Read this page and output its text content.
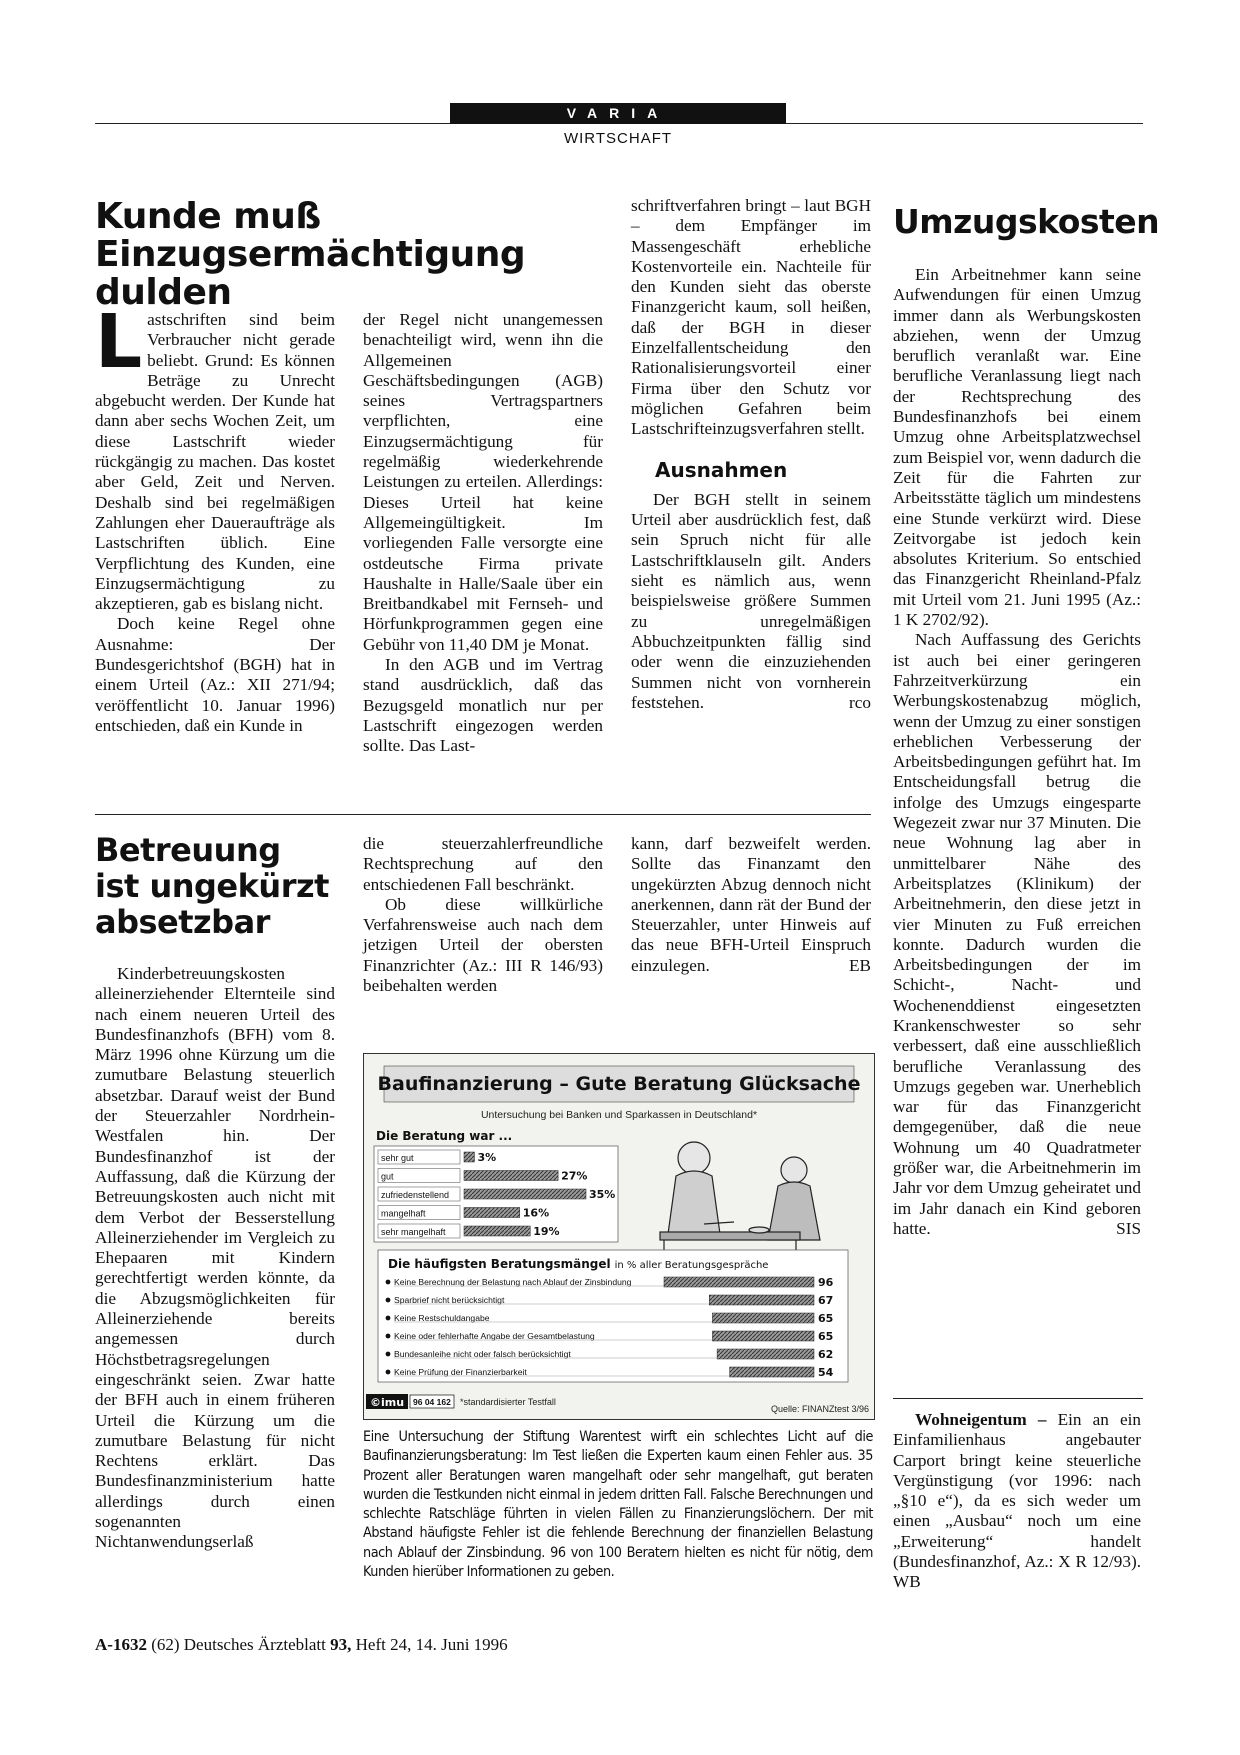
VARIA
WIRTSCHAFT
Kunde muß
Einzugsermächtigung dulden

Lastschriften sind beim Verbraucher nicht gerade beliebt. Grund: Es können Beträge zu Unrecht abgebucht werden. Der Kunde hat dann aber sechs Wochen Zeit, um diese Lastschrift wieder rückgängig zu machen. Das kostet aber Geld, Zeit und Nerven. Deshalb sind bei regelmäßigen Zahlungen eher Daueraufträge als Lastschriften üblich. Eine Verpflichtung des Kunden, eine Einzugsermächtigung zu akzeptieren, gab es bislang nicht.

Doch keine Regel ohne Ausnahme: Der Bundesgerichtshof (BGH) hat in einem Urteil (Az.: XII 271/94; veröffentlicht 10. Januar 1996) entschieden, daß ein Kunde in

der Regel nicht unangemessen benachteiligt wird, wenn ihn die Allgemeinen Geschäftsbedingungen (AGB) seines Vertragspartners verpflichten, eine Einzugsermächtigung für regelmäßig wiederkehrende Leistungen zu erteilen. Allerdings: Dieses Urteil hat keine Allgemeingültigkeit. Im vorliegenden Falle versorgte eine ostdeutsche Firma private Haushalte in Halle/Saale über ein Breitbandkabel mit Fernseh- und Hörfunkprogrammen gegen eine Gebühr von 11,40 DM je Monat.

In den AGB und im Vertrag stand ausdrücklich, daß das Bezugsgeld monatlich nur per Lastschrift eingezogen werden sollte. Das Last-

schriftverfahren bringt – laut BGH – dem Empfänger im Massengeschäft erhebliche Kostenvorteile ein. Nachteile für den Kunden sieht das oberste Finanzgericht kaum, soll heißen, daß der BGH in dieser Einzelfallentscheidung den Rationalisierungsvorteil einer Firma über den Schutz vor möglichen Gefahren beim Lastschrifteinzugsverfahren stellt.

Ausnahmen

Der BGH stellt in seinem Urteil aber ausdrücklich fest, daß sein Spruch nicht für alle Lastschriftklauseln gilt. Anders sieht es nämlich aus, wenn beispielsweise größere Summen zu unregelmäßigen Abbuchzeitpunkten fällig sind oder wenn die einzuziehenden Summen nicht von vornherein feststehen.	rco

Betreuung
ist ungekürzt
absetzbar

Kinderbetreuungskosten alleinerziehender Elternteile sind nach einem neueren Urteil des Bundesfinanzhofs (BFH) vom 8. März 1996 ohne Kürzung um die zumutbare Belastung steuerlich absetzbar. Darauf weist der Bund der Steuerzahler Nordrhein-Westfalen hin. Der Bundesfinanzhof ist der Auffassung, daß die Kürzung der Betreuungskosten auch nicht mit dem Verbot der Besserstellung Alleinerziehender im Vergleich zu Ehepaaren mit Kindern gerechtfertigt werden könnte, da die Abzugsmöglichkeiten für Alleinerziehende bereits angemessen durch Höchstbetragsregelungen eingeschränkt seien. Zwar hatte der BFH auch in einem früheren Urteil die Kürzung um die zumutbare Belastung für nicht Rechtens erklärt. Das Bundesfinanzministerium hatte allerdings durch einen sogenannten Nichtanwendungserlaß

die steuerzahlerfreundliche Rechtsprechung auf den entschiedenen Fall beschränkt.

Ob diese willkürliche Verfahrensweise auch nach dem jetzigen Urteil der obersten Finanzrichter (Az.: III R 146/93) beibehalten werden

kann, darf bezweifelt werden. Sollte das Finanzamt den ungekürzten Abzug dennoch nicht anerkennen, dann rät der Bund der Steuerzahler, unter Hinweis auf das neue BFH-Urteil Einspruch einzulegen.	EB

Baufinanzierung – Gute Beratung Glücksache
Untersuchung bei Banken und Sparkassen in Deutschland*
Die Beratung war ...
sehr gut	3%
gut	27%
zufriedenstellend	35%
mangelhaft	16%
sehr mangelhaft	19%
Die häufigsten Beratungsmängel in % aller Beratungsgespräche
Keine Berechnung der Belastung nach Ablauf der Zinsbindung	96
Sparbrief nicht berücksichtigt	67
Keine Restschuldangabe	65
Keine oder fehlerhafte Angabe der Gesamtbelastung	65
Bundesanleihe nicht oder falsch berücksichtigt	62
Keine Prüfung der Finanzierbarkeit	54
©imu 96 04 162 *standardisierter Testfall
Quelle: FINANZtest 3/96
Eine Untersuchung der Stiftung Warentest wirft ein schlechtes Licht auf die Baufinanzierungsberatung: Im Test ließen die Experten kaum einen Fehler aus. 35 Prozent aller Beratungen waren mangelhaft oder sehr mangelhaft, gut beraten wurden die Testkunden nicht einmal in jedem dritten Fall. Falsche Berechnungen und schlechte Ratschläge führten in vielen Fällen zu Finanzierungslöchern. Der mit Abstand häufigste Fehler ist die fehlende Berechnung der finanziellen Belastung nach Ablauf der Zinsbindung. 96 von 100 Beratern hielten es nicht für nötig, dem Kunden hierüber Informationen zu geben.
Umzugskosten

Ein Arbeitnehmer kann seine Aufwendungen für einen Umzug immer dann als Werbungskosten abziehen, wenn der Umzug beruflich veranlaßt war. Eine berufliche Veranlassung liegt nach der Rechtsprechung des Bundesfinanzhofs bei einem Umzug ohne Arbeitsplatzwechsel zum Beispiel vor, wenn dadurch die Zeit für die Fahrten zur Arbeitsstätte täglich um mindestens eine Stunde verkürzt wird. Diese Zeitvorgabe ist jedoch kein absolutes Kriterium. So entschied das Finanzgericht Rheinland-Pfalz mit Urteil vom 21. Juni 1995 (Az.: 1 K 2702/92).

Nach Auffassung des Gerichts ist auch bei einer geringeren Fahrzeitverkürzung ein Werbungskostenabzug möglich, wenn der Umzug zu einer sonstigen erheblichen Verbesserung der Arbeitsbedingungen geführt hat. Im Entscheidungsfall betrug die infolge des Umzugs eingesparte Wegezeit zwar nur 37 Minuten. Die neue Wohnung lag aber in unmittelbarer Nähe des Arbeitsplatzes (Klinikum) der Arbeitnehmerin, den diese jetzt in vier Minuten zu Fuß erreichen konnte. Dadurch wurden die Arbeitsbedingungen der im Schicht-, Nacht- und Wochenenddienst eingesetzten Krankenschwester so sehr verbessert, daß eine ausschließlich berufliche Veranlassung des Umzugs gegeben war. Unerheblich war für das Finanzgericht demgegenüber, daß die neue Wohnung um 40 Quadratmeter größer war, die Arbeitnehmerin im Jahr vor dem Umzug geheiratet und im Jahr danach ein Kind geboren hatte.	SIS

Wohneigentum – Ein an ein Einfamilienhaus angebauter Carport bringt keine steuerliche Vergünstigung (vor 1996: nach „§10 e“), da es sich weder um einen „Ausbau“ noch um eine „Erweiterung“ handelt (Bundesfinanzhof, Az.: X R 12/93). WB

A-1632 (62) Deutsches Ärzteblatt 93, Heft 24, 14. Juni 1996
